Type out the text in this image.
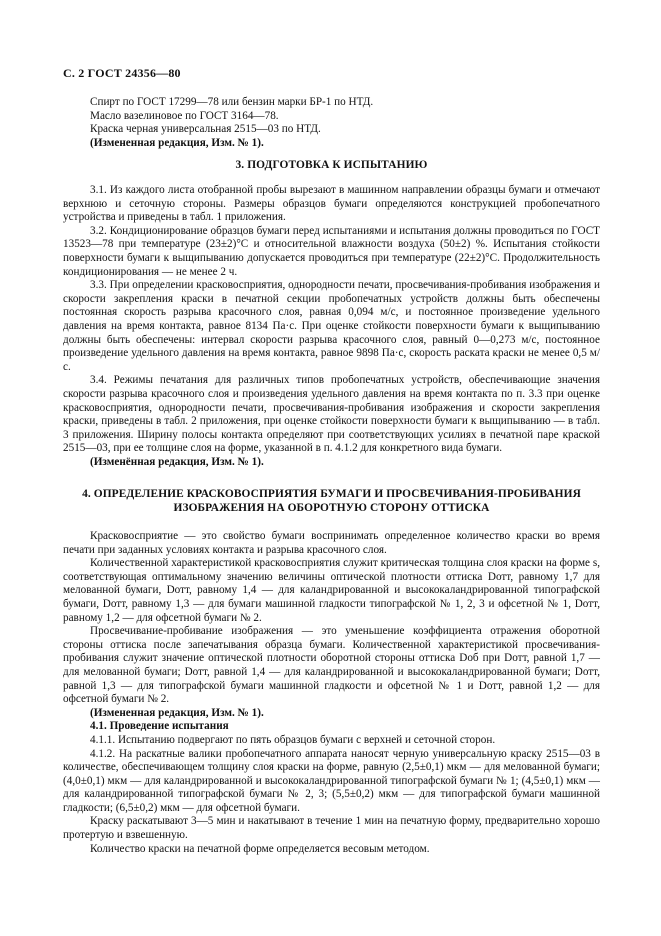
С. 2 ГОСТ 24356—80

Спирт по ГОСТ 17299—78 или бензин марки БР-1 по НТД.

Масло вазелиновое по ГОСТ 3164—78.

Краска черная универсальная 2515—03 по НТД.

(Измененная редакция, Изм. № 1).

3. ПОДГОТОВКА К ИСПЫТАНИЮ

3.1. Из каждого листа отобранной пробы вырезают в машинном направлении образцы бумаги и отмечают верхнюю и сеточную стороны. Размеры образцов бумаги определяются конструкцией пробопечатного устройства и приведены в табл. 1 приложения.

3.2. Кондиционирование образцов бумаги перед испытаниями и испытания должны проводиться по ГОСТ 13523—78 при температуре (23±2)°С и относительной влажности воздуха (50±2) %. Испытания стойкости поверхности бумаги к выщипыванию допускается проводиться при температуре (22±2)°С. Продолжительность кондиционирования — не менее 2 ч.

3.3. При определении красковосприятия, однородности печати, просвечивания-пробивания изображения и скорости закрепления краски в печатной секции пробопечатных устройств должны быть обеспечены постоянная скорость разрыва красочного слоя, равная 0,094 м/с, и постоянное произведение удельного давления на время контакта, равное 8134 Па·с. При оценке стойкости поверхности бумаги к выщипыванию должны быть обеспечены: интервал скорости разрыва красочного слоя, равный 0—0,273 м/с, постоянное произведение удельного давления на время контакта, равное 9898 Па·с, скорость раската краски не менее 0,5 м/с.

3.4. Режимы печатания для различных типов пробопечатных устройств, обеспечивающие значения скорости разрыва красочного слоя и произведения удельного давления на время контакта по п. 3.3 при оценке красковосприятия, однородности печати, просвечивания-пробивания изображения и скорости закрепления краски, приведены в табл. 2 приложения, при оценке стойкости поверхности бумаги к выщипыванию — в табл. 3 приложения. Ширину полосы контакта определяют при соответствующих усилиях в печатной паре краской 2515—03, при ее толщине слоя на форме, указанной в п. 4.1.2 для конкретного вида бумаги.

(Изменённая редакция, Изм. № 1).

4. ОПРЕДЕЛЕНИЕ КРАСКОВОСПРИЯТИЯ БУМАГИ И ПРОСВЕЧИВАНИЯ-ПРОБИВАНИЯ
ИЗОБРАЖЕНИЯ НА ОБОРОТНУЮ СТОРОНУ ОТТИСКА

Красковосприятие — это свойство бумаги воспринимать определенное количество краски во время печати при заданных условиях контакта и разрыва красочного слоя.

Количественной характеристикой красковосприятия служит критическая толщина слоя краски на форме s, соответствующая оптимальному значению величины оптической плотности оттиска Dотт, равному 1,7 для мелованной бумаги, Dотт, равному 1,4 — для каландрированной и высококаландрированной типографской бумаги, Dотт, равному 1,3 — для бумаги машинной гладкости типографской № 1, 2, 3 и офсетной № 1, Dотт, равному 1,2 — для офсетной бумаги № 2.

Просвечивание-пробивание изображения — это уменьшение коэффициента отражения оборотной стороны оттиска после запечатывания образца бумаги. Количественной характеристикой просвечивания-пробивания служит значение оптической плотности оборотной стороны оттиска Dоб при Dотт, равной 1,7 — для мелованной бумаги; Dотт, равной 1,4 — для каландрированной и высококаландрированной бумаги; Dотт, равной 1,3 — для типографской бумаги машинной гладкости и офсетной № 1 и Dотт, равной 1,2 — для офсетной бумаги № 2.

(Измененная редакция, Изм. № 1).

4.1. Проведение испытания

4.1.1. Испытанию подвергают по пять образцов бумаги с верхней и сеточной сторон.

4.1.2. На раскатные валики пробопечатного аппарата наносят черную универсальную краску 2515—03 в количестве, обеспечивающем толщину слоя краски на форме, равную (2,5±0,1) мкм — для мелованной бумаги; (4,0±0,1) мкм — для каландрированной и высококаландрированной типографской бумаги № 1; (4,5±0,1) мкм — для каландрированной типографской бумаги № 2, 3; (5,5±0,2) мкм — для типографской бумаги машинной гладкости; (6,5±0,2) мкм — для офсетной бумаги.

Краску раскатывают 3—5 мин и накатывают в течение 1 мин на печатную форму, предварительно хорошо протертую и взвешенную.

Количество краски на печатной форме определяется весовым методом.
